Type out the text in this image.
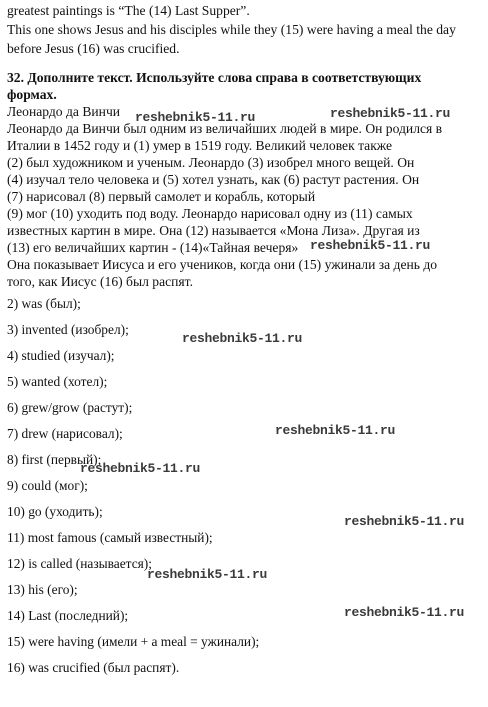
greatest paintings is “The (14) Last Supper”.
This one shows Jesus and his disciples while they (15) were having a meal the day
before Jesus (16) was crucified.
32. Дополните текст. Используйте слова справа в соответствующих
формах.
Леонардо да Винчи
Леонардо да Винчи был одним из величайших людей в мире. Он родился в
Италии в 1452 году и (1) умер в 1519 году. Великий человек также
(2) был художником и ученым. Леонардо (3) изобрел много вещей. Он
(4) изучал тело человека и (5) хотел узнать, как (6) растут растения. Он
(7) нарисовал (8) первый самолет и корабль, который
(9) мог (10) уходить под воду. Леонардо нарисовал одну из (11) самых
известных картин в мире. Она (12) называется «Мона Лиза». Другая из
(13) его величайших картин - (14)«Тайная вечеря»
Она показывает Иисуса и его учеников, когда они (15) ужинали за день до
того, как Иисус (16) был распят.
2) was (был);
3) invented (изобрел);
4) studied (изучал);
5) wanted (хотел);
6) grew/grow (растут);
7) drew (нарисовал);
8) first (первый);
9) could (мог);
10) go (уходить);
11) most famous (самый известный);
12) is called (называется);
13) his (его);
14) Last (последний);
15) were having (имели + a meal = ужинали);
16) was crucified (был распят).
reshebnik5-11.ru	reshebnik5-11.ru
reshebnik5-11.ru
reshebnik5-11.ru
reshebnik5-11.ru
reshebnik5-11.ru
reshebnik5-11.ru
reshebnik5-11.ru
reshebnik5-11.ru
